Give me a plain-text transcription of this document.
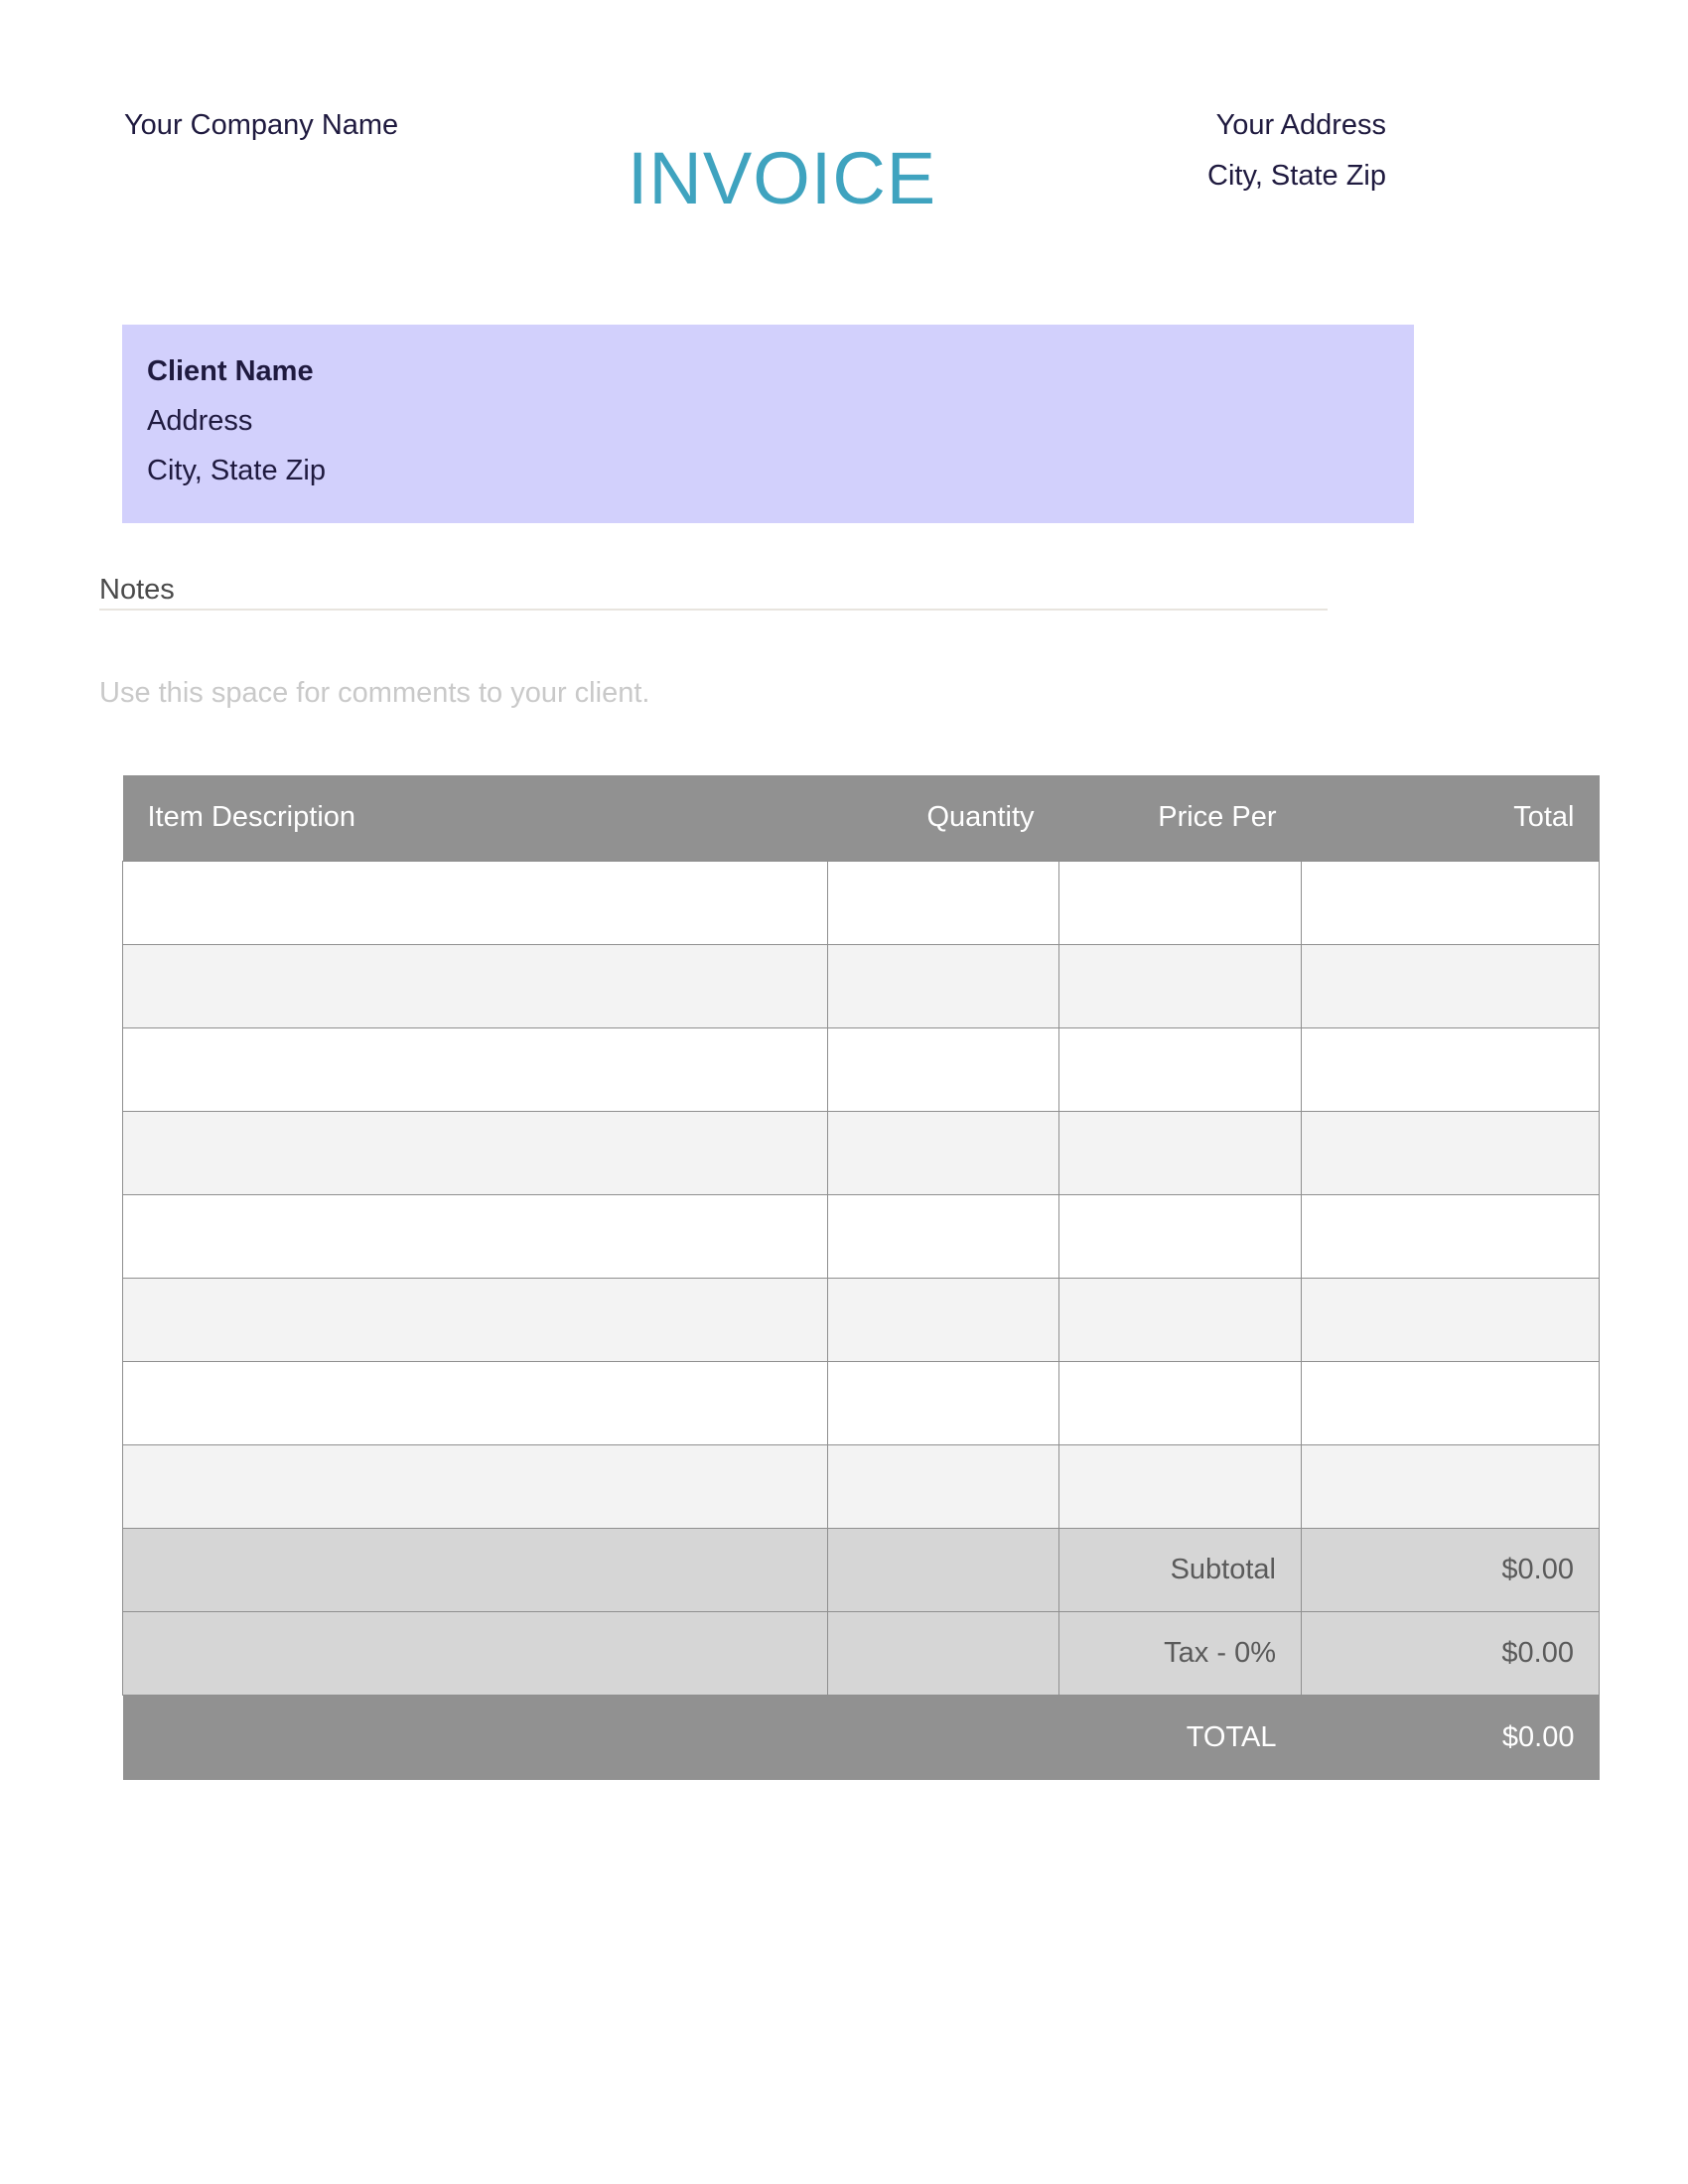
Your Company Name
INVOICE
Your Address
City, State Zip
Client Name
Address
City, State Zip
Notes
Use this space for comments to your client.
Item Description	Quantity	Price Per	Total

		Subtotal	$0.00
		Tax - 0%	$0.00
		TOTAL	$0.00
